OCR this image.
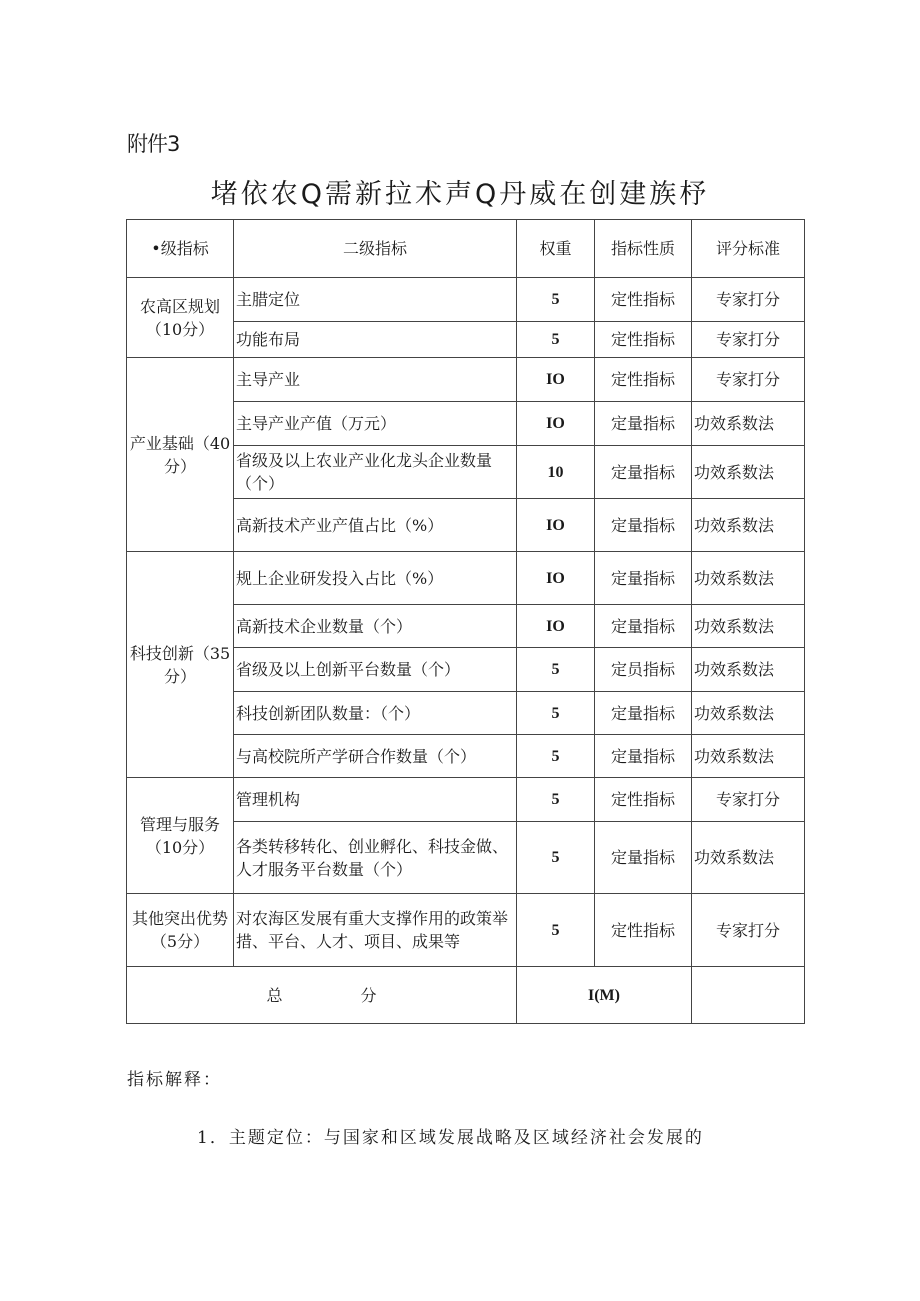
附件3
堵依农Q需新拉术声Q丹威在创建族杼
•级指标	二级指标	权重	指标性质	评分标准
农高区规划（10分）	主腊定位	5	定性指标	专家打分
	功能布局	5	定性指标	专家打分
产业基础（40分）	主导产业	IO	定性指标	专家打分
	主导产业产值（万元）	IO	定量指标	功效系数法
	省级及以上农业产业化龙头企业数量（个）	10	定量指标	功效系数法
	高新技术产业产值占比（%）	IO	定量指标	功效系数法
科技创新（35分）	规上企业研发投入占比（%）	IO	定量指标	功效系数法
	高新技术企业数量（个）	IO	定量指标	功效系数法
	省级及以上创新平台数量（个）	5	定员指标	功效系数法
	科技创新团队数量：（个）	5	定量指标	功效系数法
	与高校院所产学研合作数量（个）	5	定量指标	功效系数法
管理与服务（10分）	管理机构	5	定性指标	专家打分
	各类转移转化、创业孵化、科技金做、人才服务平台数量（个）	5	定量指标	功效系数法
其他突出优势（5分）	对农海区发展有重大支撑作用的政策举措、平台、人才、项目、成果等	5	定性指标	专家打分
总 分		I(M)		
指标解释：
1．主题定位：与国家和区域发展战略及区域经济社会发展的
